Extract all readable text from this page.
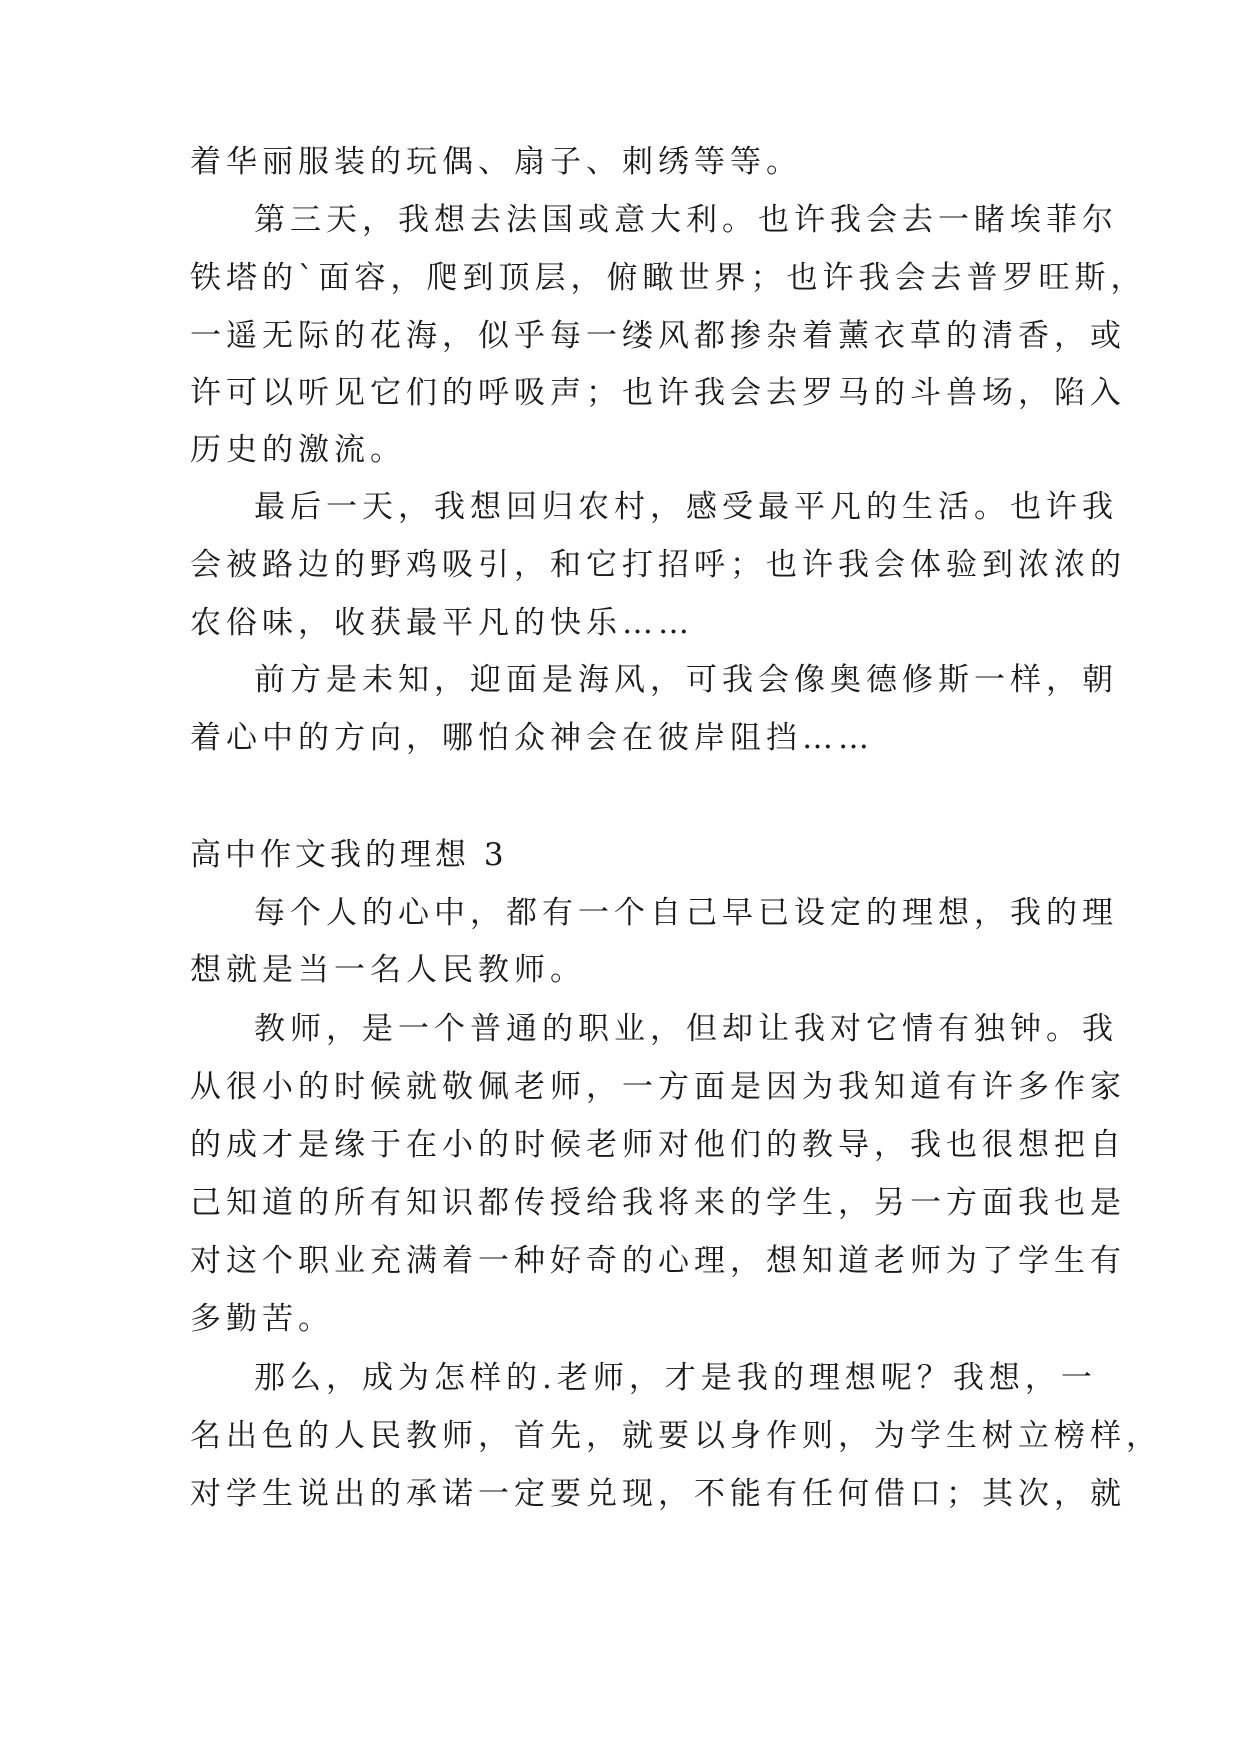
着华丽服装的玩偶、扇子、刺绣等等。
第三天，我想去法国或意大利。也许我会去一睹埃菲尔
铁塔的`面容，爬到顶层，俯瞰世界；也许我会去普罗旺斯，
一遥无际的花海，似乎每一缕风都掺杂着薰衣草的清香，或
许可以听见它们的呼吸声；也许我会去罗马的斗兽场，陷入
历史的激流。
最后一天，我想回归农村，感受最平凡的生活。也许我
会被路边的野鸡吸引，和它打招呼；也许我会体验到浓浓的
农俗味，收获最平凡的快乐……
前方是未知，迎面是海风，可我会像奥德修斯一样，朝
着心中的方向，哪怕众神会在彼岸阻挡……
高中作文我的理想 3
每个人的心中，都有一个自己早已设定的理想，我的理
想就是当一名人民教师。
教师，是一个普通的职业，但却让我对它情有独钟。我
从很小的时候就敬佩老师，一方面是因为我知道有许多作家
的成才是缘于在小的时候老师对他们的教导，我也很想把自
己知道的所有知识都传授给我将来的学生，另一方面我也是
对这个职业充满着一种好奇的心理，想知道老师为了学生有
多勤苦。
那么，成为怎样的.老师，才是我的理想呢？我想，一
名出色的人民教师，首先，就要以身作则，为学生树立榜样，
对学生说出的承诺一定要兑现，不能有任何借口；其次，就
